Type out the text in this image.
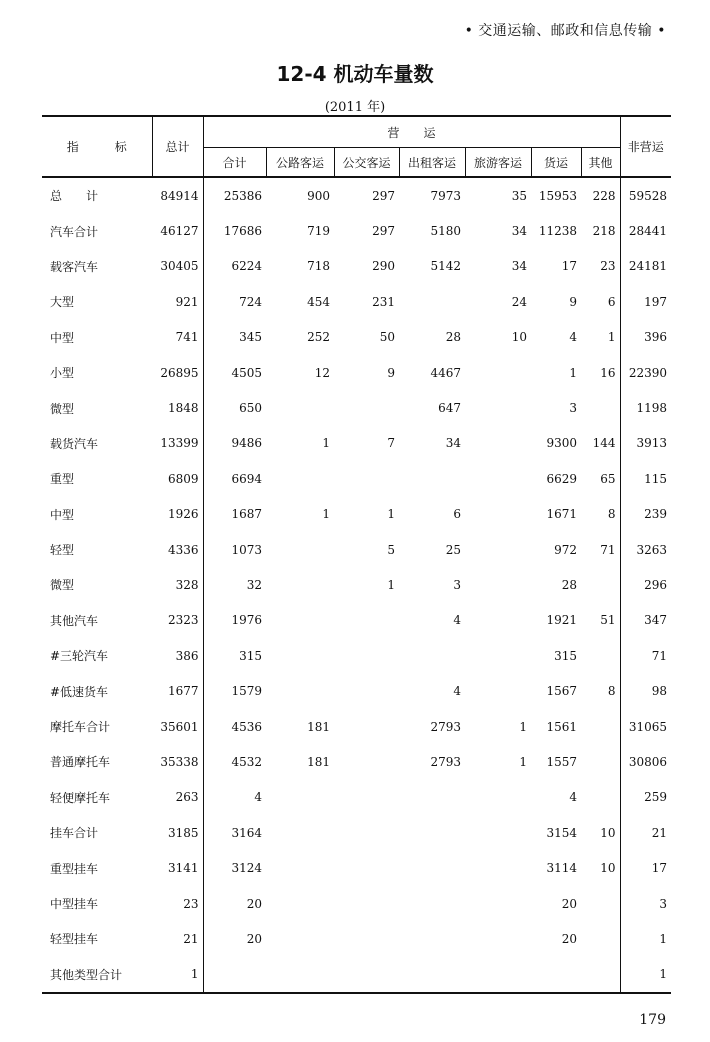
• 交通运输、邮政和信息传输 •
12-4 机动车量数
(2011 年)
指　　　标	总计	营　　运							非营运
		合计	公路客运	公交客运	出租客运	旅游客运	货运	其他	
总　　计	84914	25386	900	297	7973	35	15953	228	59528
汽车合计	46127	17686	719	297	5180	34	11238	218	28441
载客汽车	30405	6224	718	290	5142	34	17	23	24181
大型	921	724	454	231		24	9	6	197
中型	741	345	252	50	28	10	4	1	396
小型	26895	4505	12	9	4467		1	16	22390
微型	1848	650			647		3		1198
载货汽车	13399	9486	1	7	34		9300	144	3913
重型	6809	6694					6629	65	115
中型	1926	1687	1	1	6		1671	8	239
轻型	4336	1073		5	25		972	71	3263
微型	328	32		1	3		28		296
其他汽车	2323	1976			4		1921	51	347
#三轮汽车	386	315					315		71
#低速货车	1677	1579			4		1567	8	98
摩托车合计	35601	4536	181		2793	1	1561		31065
普通摩托车	35338	4532	181		2793	1	1557		30806
轻便摩托车	263	4					4		259
挂车合计	3185	3164					3154	10	21
重型挂车	3141	3124					3114	10	17
中型挂车	23	20					20		3
轻型挂车	21	20					20		1
其他类型合计	1								1
179
